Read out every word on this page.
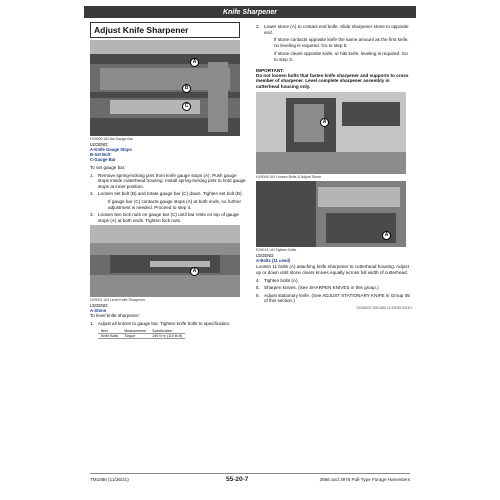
Knife Sharpener
Adjust Knife Sharpener
A
B
C
H29000 UN 8al Gauge Bar
LEGEND:
A-Knife Gauge Stops
B-Set Bolt
C-Gauge Bar
To set gauge bar:
1. Remove spring-locking pins from knife gauge stops (A). Push gauge stops inside cutterhead housing. Install spring-locking pins to hold gauge stops at inner position.
2. Loosen set bolt (B) and rotate gauge bar (C) down. Tighten set bolt (B).
If gauge bar (C) contacts gauge stops (A) at both ends, no further adjustment is needed. Proceed to step 4.
3. Loosen two lock nuts on gauge bar (C) until bar rests on top of gauge stops (A) at both ends. Tighten lock nuts.
A
H29001 UN Level Knife Sharpener
LEGEND:
A-Stone
To level knife sharpener:
1. Adjust all knives to gauge bar. Tighten knife bolts to specification.
Item	Measurement	Specification
Knife Bolts	Torque	149 N·m (110 lb-ft)
2. Lower stone (A) to contact end knife. Slide sharpener stone to opposite end.
If stone contacts opposite knife the same amount as the first knife, no leveling is required. Go to step 5.
If stone clears opposite knife, or hits knife, leveling is required. Go to step 3.
IMPORTANT:
Do not loosen bolts that fasten knife sharpener and supports to cross member of sharpener. Level complete sharpener assembly in cutterhead housing only.
A
H29006 UN Loosen Bolts & Adjust Stone
A
E29014 UN Tighten Bolts
LEGEND:
A-Bolts (11 used)
Loosen 11 bolts (A) attaching knife sharpener to cutterhead housing. Adjust up or down until stone clears knives equally across full width of cutterhead.
4. Tighten bolts (A).
5. Sharpen knives. (See SHARPEN KNIVES in this group.)
6. Adjust stationary knife. (See ADJUST STATIONARY KNIFE in Group 05 of this section.)
OUO6037.0001480 19-22DEC19/1/1
TM1086 (11/26/21)	55-20-7	3956 and 3975 Pull-Type Forage Harvesters
